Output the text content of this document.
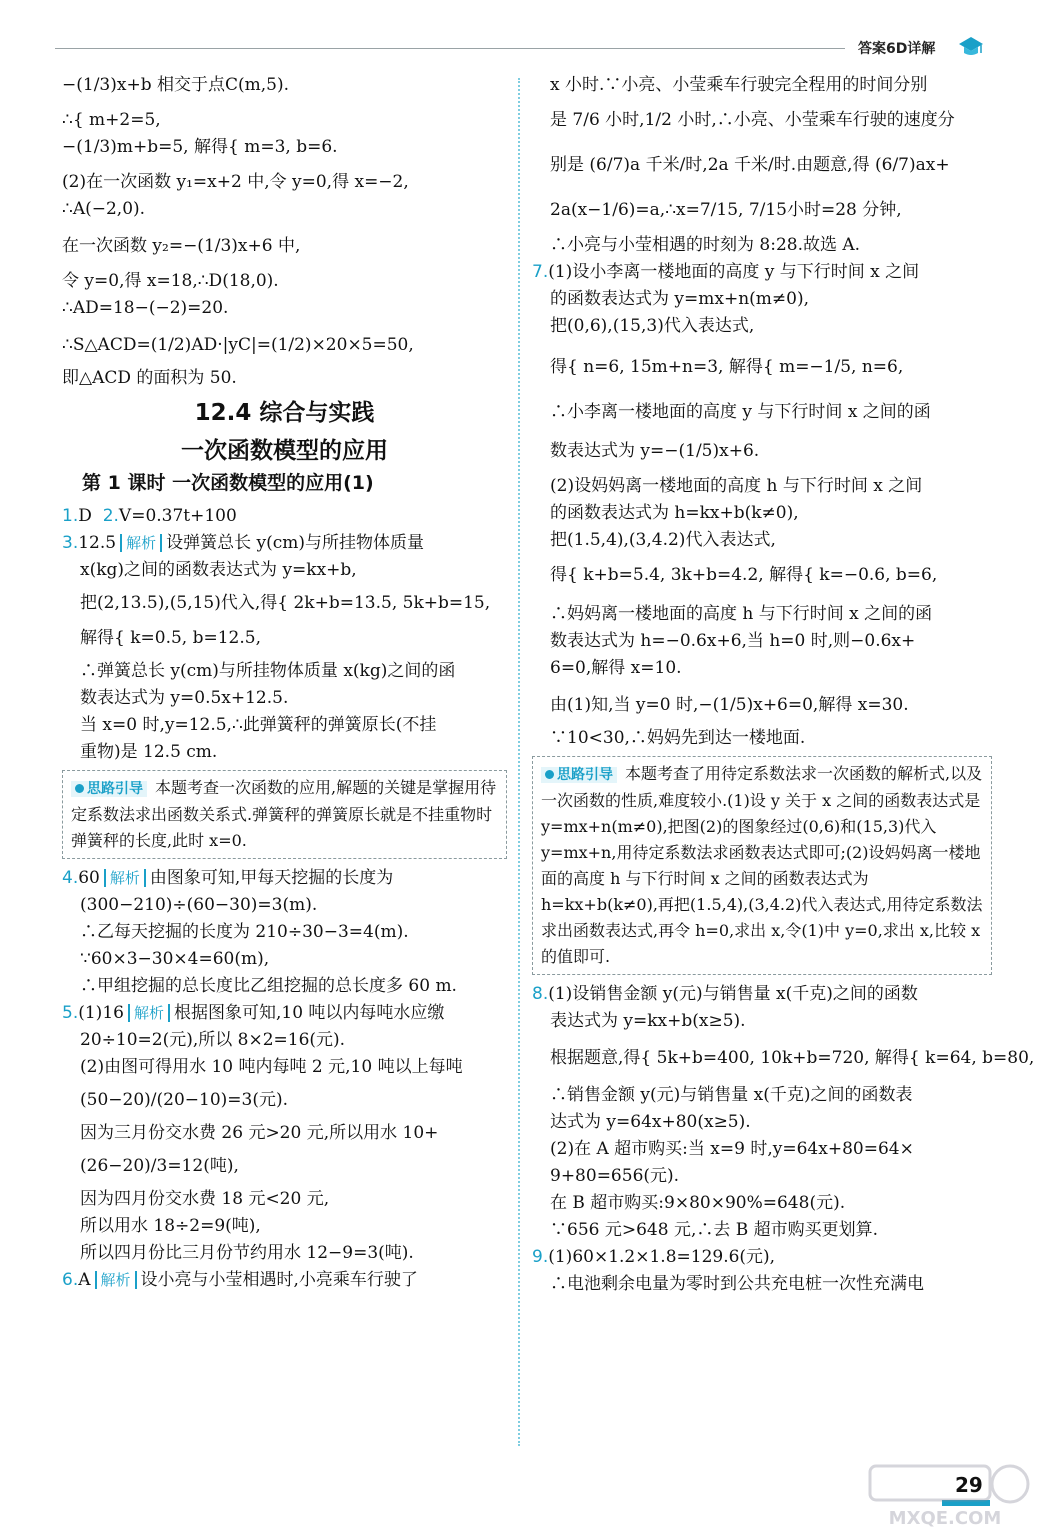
答案6D详解

−(1/3)x+b 相交于点C(m,5).

∴{ m+2=5,

−(1/3)m+b=5, 解得{ m=3, b=6.

(2)在一次函数 y₁=x+2 中,令 y=0,得 x=−2,

∴A(−2,0).

在一次函数 y₂=−(1/3)x+6 中,

令 y=0,得 x=18,∴D(18,0).

∴AD=18−(−2)=20.

∴S△ACD=(1/2)AD·|yC|=(1/2)×20×5=50,

即△ACD 的面积为 50.

12.4 综合与实践
一次函数模型的应用
第 1 课时 一次函数模型的应用(1)

1.D 2.V=0.37t+100

3.12.5 解析 设弹簧总长 y(cm)与所挂物体质量

x(kg)之间的函数表达式为 y=kx+b,

把(2,13.5),(5,15)代入,得{ 2k+b=13.5, 5k+b=15,

解得{ k=0.5, b=12.5,

∴弹簧总长 y(cm)与所挂物体质量 x(kg)之间的函

数表达式为 y=0.5x+12.5.

当 x=0 时,y=12.5,∴此弹簧秤的弹簧原长(不挂

重物)是 12.5 cm.

思路引导 本题考查一次函数的应用,解题的关键是掌握用待定系数法求出函数关系式.弹簧秤的弹簧原长就是不挂重物时弹簧秤的长度,此时 x=0.

4.60 解析 由图象可知,甲每天挖掘的长度为

(300−210)÷(60−30)=3(m).

∴乙每天挖掘的长度为 210÷30−3=4(m).

∵60×3−30×4=60(m),

∴甲组挖掘的总长度比乙组挖掘的总长度多 60 m.

5.(1)16 解析 根据图象可知,10 吨以内每吨水应缴

20÷10=2(元),所以 8×2=16(元).

(2)由图可得用水 10 吨内每吨 2 元,10 吨以上每吨

(50−20)/(20−10)=3(元).

因为三月份交水费 26 元>20 元,所以用水 10+

(26−20)/3=12(吨),

因为四月份交水费 18 元<20 元,

所以用水 18÷2=9(吨),

所以四月份比三月份节约用水 12−9=3(吨).

6.A 解析 设小亮与小莹相遇时,小亮乘车行驶了

x 小时.∵小亮、小莹乘车行驶完全程用的时间分别

是 7/6 小时,1/2 小时,∴小亮、小莹乘车行驶的速度分

别是 (6/7)a 千米/时,2a 千米/时.由题意,得 (6/7)ax+

2a(x−1/6)=a,∴x=7/15, 7/15小时=28 分钟,

∴小亮与小莹相遇的时刻为 8:28.故选 A.

7.(1)设小李离一楼地面的高度 y 与下行时间 x 之间

的函数表达式为 y=mx+n(m≠0),

把(0,6),(15,3)代入表达式,

得{ n=6, 15m+n=3, 解得{ m=−1/5, n=6,

∴小李离一楼地面的高度 y 与下行时间 x 之间的函

数表达式为 y=−(1/5)x+6.

(2)设妈妈离一楼地面的高度 h 与下行时间 x 之间

的函数表达式为 h=kx+b(k≠0),

把(1.5,4),(3,4.2)代入表达式,

得{ k+b=5.4, 3k+b=4.2, 解得{ k=−0.6, b=6,

∴妈妈离一楼地面的高度 h 与下行时间 x 之间的函

数表达式为 h=−0.6x+6,当 h=0 时,则−0.6x+

6=0,解得 x=10.

由(1)知,当 y=0 时,−(1/5)x+6=0,解得 x=30.

∵10<30,∴妈妈先到达一楼地面.

思路引导 本题考查了用待定系数法求一次函数的解析式,以及一次函数的性质,难度较小.(1)设 y 关于 x 之间的函数表达式是 y=mx+n(m≠0),把图(2)的图象经过(0,6)和(15,3)代入 y=mx+n,用待定系数法求函数表达式即可;(2)设妈妈离一楼地面的高度 h 与下行时间 x 之间的函数表达式为 h=kx+b(k≠0),再把(1.5,4),(3,4.2)代入表达式,用待定系数法求出函数表达式,再令 h=0,求出 x,令(1)中 y=0,求出 x,比较 x 的值即可.

8.(1)设销售金额 y(元)与销售量 x(千克)之间的函数

表达式为 y=kx+b(x≥5).

根据题意,得{ 5k+b=400, 10k+b=720, 解得{ k=64, b=80,

∴销售金额 y(元)与销售量 x(千克)之间的函数表

达式为 y=64x+80(x≥5).

(2)在 A 超市购买:当 x=9 时,y=64x+80=64×

9+80=656(元).

在 B 超市购买:9×80×90%=648(元).

∵656 元>648 元,∴去 B 超市购买更划算.

9.(1)60×1.2×1.8=129.6(元),

∴电池剩余电量为零时到公共充电桩一次性充满电

29
MXQE.COM
